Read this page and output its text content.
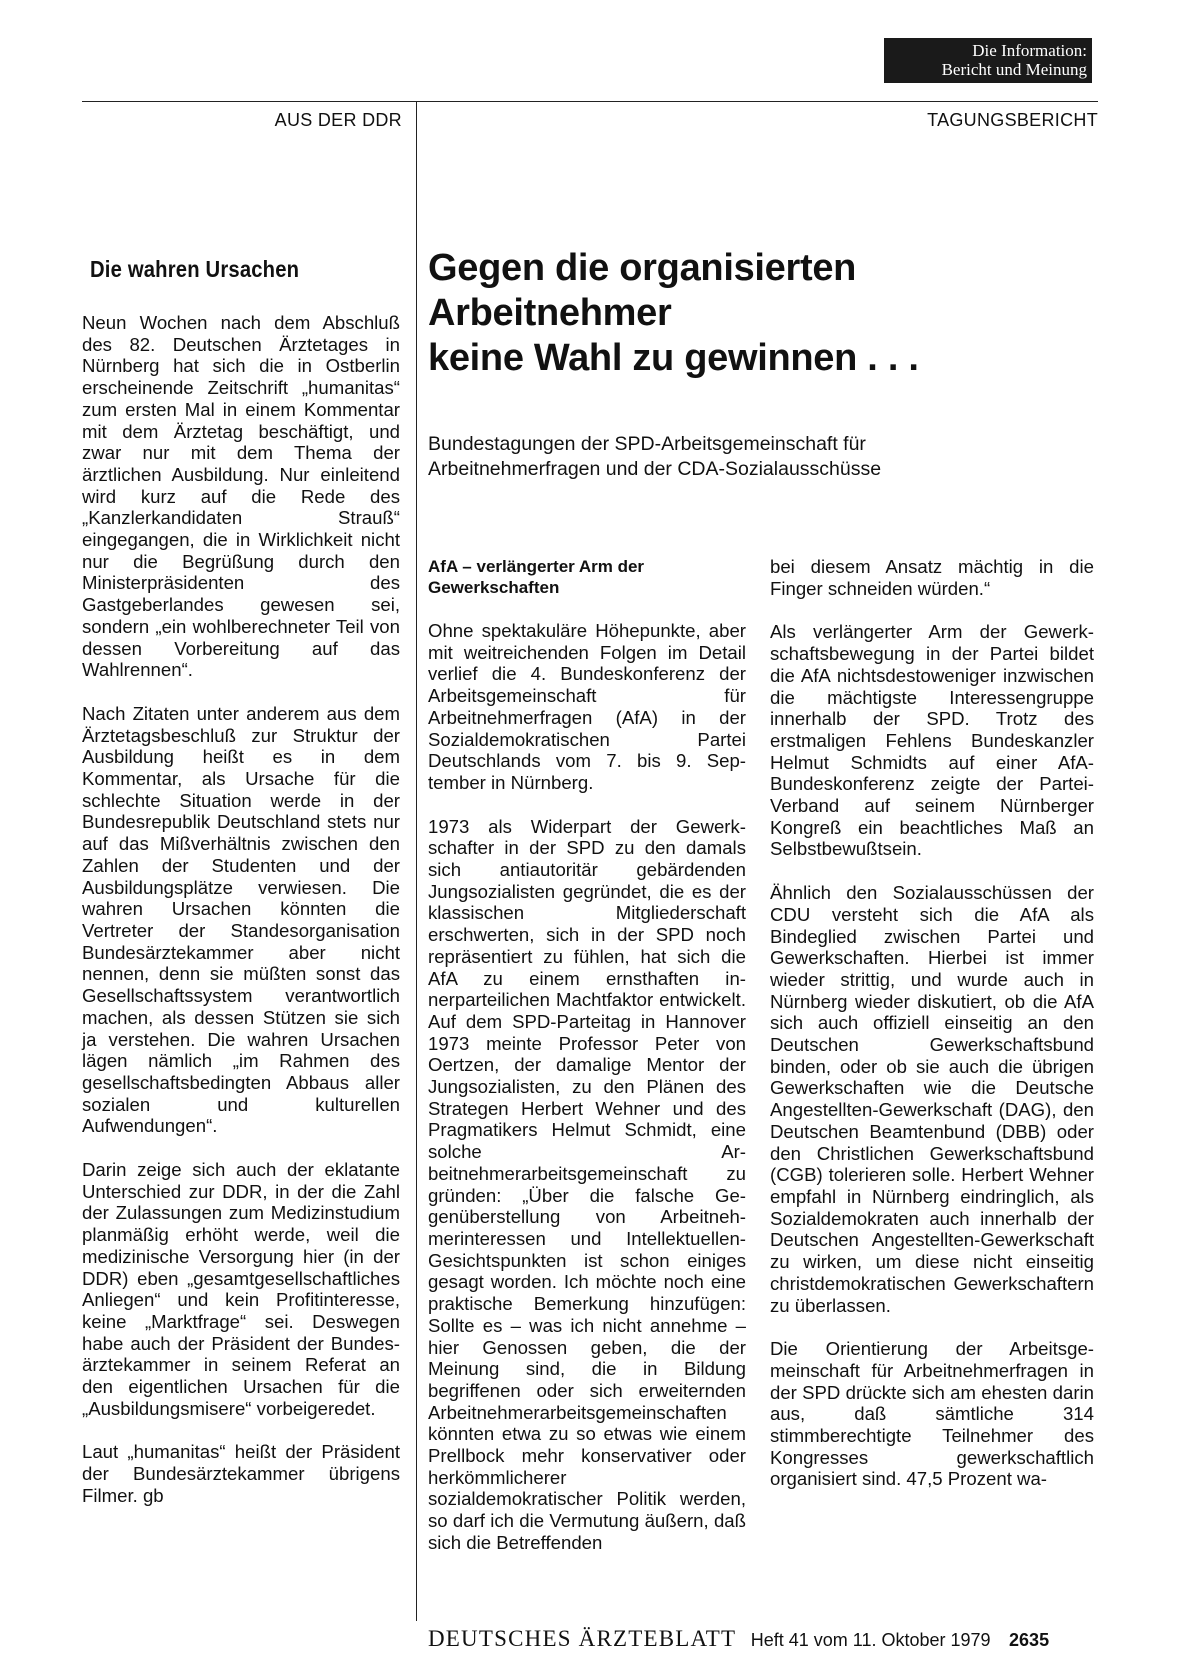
Die Information:
Bericht und Meinung
AUS DER DDR	TAGUNGSBERICHT
Die wahren Ursachen

Neun Wochen nach dem Abschluß des 82. Deutschen Ärztetages in Nürnberg hat sich die in Ostberlin erscheinende Zeitschrift „humanitas“ zum ersten Mal in einem Kommentar mit dem Ärztetag beschäftigt, und zwar nur mit dem Thema der ärztlichen Ausbildung. Nur einleitend wird kurz auf die Rede des „Kanzlerkandidaten Strauß“ eingegangen, die in Wirklichkeit nicht nur die Begrüßung durch den Ministerpräsidenten des Gastgeberlandes gewesen sei, sondern „ein wohlberechneter Teil von dessen Vorbereitung auf das Wahlrennen“.

Nach Zitaten unter anderem aus dem Ärztetagsbeschluß zur Struktur der Ausbildung heißt es in dem Kommentar, als Ursache für die schlechte Situation werde in der Bundesrepublik Deutschland stets nur auf das Mißverhältnis zwischen den Zahlen der Studenten und der Ausbildungsplätze verwiesen. Die wahren Ursachen könnten die Vertreter der Standesorganisation Bundesärztekammer aber nicht nennen, denn sie müßten sonst das Gesellschaftssystem verantwortlich machen, als dessen Stützen sie sich ja verstehen. Die wahren Ursachen lägen nämlich „im Rahmen des gesellschaftsbedingten Abbaus aller sozialen und kulturellen Aufwendungen“.

Darin zeige sich auch der eklatante Unterschied zur DDR, in der die Zahl der Zulassungen zum Medizinstudium planmäßig erhöht werde, weil die medizinische Versorgung hier (in der DDR) eben „gesamtgesellschaftliches Anliegen“ und kein Profitinteresse, keine „Marktfrage“ sei. Deswegen habe auch der Präsident der Bundesärztekammer in seinem Referat an den eigentlichen Ursachen für die „Ausbildungsmisere“ vorbeigeredet.

Laut „humanitas“ heißt der Präsident der Bundesärztekammer übrigens Filmer. gb

Gegen die organisierten
Arbeitnehmer
keine Wahl zu gewinnen . . .
Bundestagungen der SPD-Arbeitsgemeinschaft für
Arbeitnehmerfragen und der CDA-Sozialausschüsse
AfA – verlängerter Arm der Gewerkschaften

Ohne spektakuläre Höhepunkte, aber mit weitreichenden Folgen im Detail verlief die 4. Bundeskonferenz der Arbeitsgemeinschaft für Arbeitnehmerfragen (AfA) in der Sozialdemokratischen Partei Deutschlands vom 7. bis 9. September in Nürnberg.

1973 als Widerpart der Gewerkschafter in der SPD zu den damals sich antiautoritär gebärdenden Jungsozialisten gegründet, die es der klassischen Mitgliederschaft erschwerten, sich in der SPD noch repräsentiert zu fühlen, hat sich die AfA zu einem ernsthaften innerparteilichen Machtfaktor entwickelt. Auf dem SPD-Parteitag in Hannover 1973 meinte Professor Peter von Oertzen, der damalige Mentor der Jungsozialisten, zu den Plänen des Strategen Herbert Wehner und des Pragmatikers Helmut Schmidt, eine solche Arbeitnehmerarbeitsgemeinschaft zu gründen: „Über die falsche Gegenüberstellung von Arbeitnehmerinteressen und Intellektuellen-Gesichtspunkten ist schon einiges gesagt worden. Ich möchte noch eine praktische Bemerkung hinzufügen: Sollte es – was ich nicht annehme – hier Genossen geben, die der Meinung sind, die in Bildung begriffenen oder sich erweiternden Arbeitnehmerarbeitsgemeinschaften könnten etwa zu so etwas wie einem Prellbock mehr konservativer oder herkömmlicherer sozialdemokratischer Politik werden, so darf ich die Vermutung äußern, daß sich die Betreffenden

bei diesem Ansatz mächtig in die Finger schneiden würden.“

Als verlängerter Arm der Gewerkschaftsbewegung in der Partei bildet die AfA nichtsdestoweniger inzwischen die mächtigste Interessengruppe innerhalb der SPD. Trotz des erstmaligen Fehlens Bundeskanzler Helmut Schmidts auf einer AfA-Bundeskonferenz zeigte der Partei-Verband auf seinem Nürnberger Kongreß ein beachtliches Maß an Selbstbewußtsein.

Ähnlich den Sozialausschüssen der CDU versteht sich die AfA als Bindeglied zwischen Partei und Gewerkschaften. Hierbei ist immer wieder strittig, und wurde auch in Nürnberg wieder diskutiert, ob die AfA sich auch offiziell einseitig an den Deutschen Gewerkschaftsbund binden, oder ob sie auch die übrigen Gewerkschaften wie die Deutsche Angestellten-Gewerkschaft (DAG), den Deutschen Beamtenbund (DBB) oder den Christlichen Gewerkschaftsbund (CGB) tolerieren solle. Herbert Wehner empfahl in Nürnberg eindringlich, als Sozialdemokraten auch innerhalb der Deutschen Angestellten-Gewerkschaft zu wirken, um diese nicht einseitig christdemokratischen Gewerkschaftern zu überlassen.

Die Orientierung der Arbeitsgemeinschaft für Arbeitnehmerfragen in der SPD drückte sich am ehesten darin aus, daß sämtliche 314 stimmberechtigte Teilnehmer des Kongresses gewerkschaftlich organisiert sind. 47,5 Prozent wa-

DEUTSCHES ÄRZTEBLATT Heft 41 vom 11. Oktober 1979 2635
